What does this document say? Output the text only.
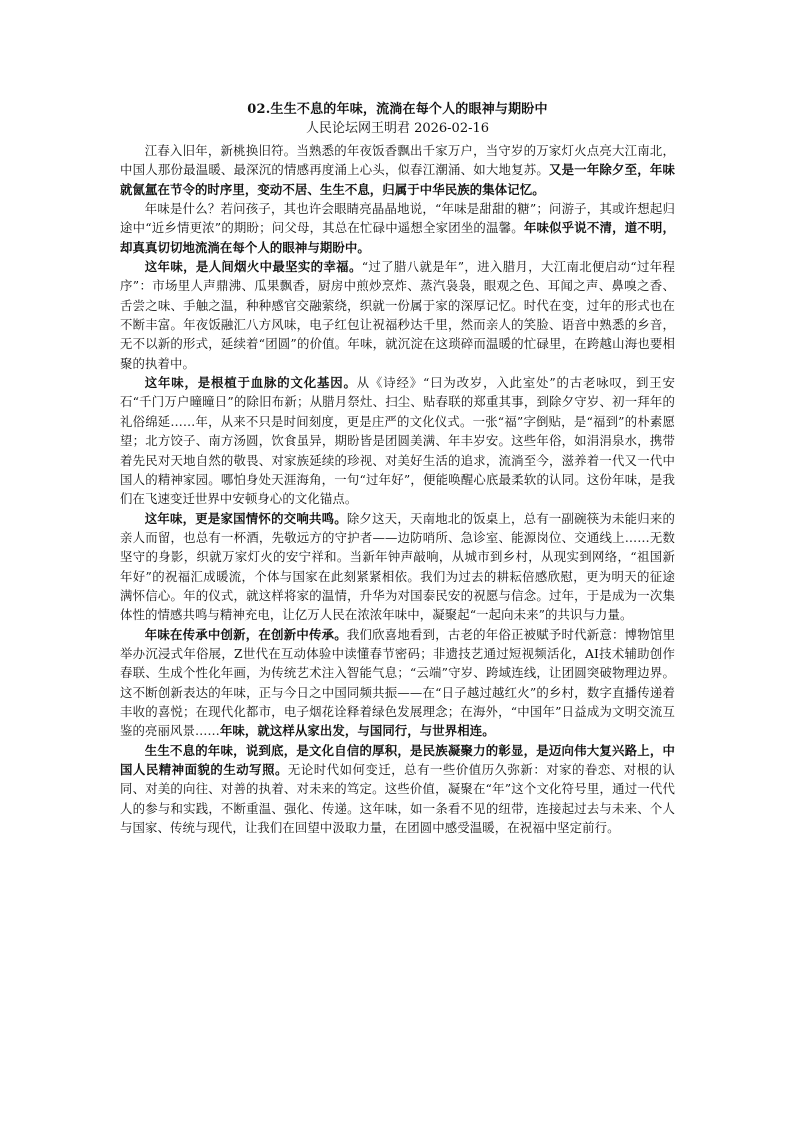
02.生生不息的年味，流淌在每个人的眼神与期盼中
人民论坛网王明君 2026-02-16

江春入旧年，新桃换旧符。当熟悉的年夜饭香飘出千家万户，当守岁的万家灯火点亮大江南北，中国人那份最温暖、最深沉的情感再度涌上心头，似春江潮涌、如大地复苏。又是一年除夕至，年味就氤氲在节令的时序里，变动不居、生生不息，归属于中华民族的集体记忆。

年味是什么？若问孩子，其也许会眼睛亮晶晶地说，“年味是甜甜的糖”；问游子，其或许想起归途中“近乡情更浓”的期盼；问父母，其总在忙碌中遥想全家团坐的温馨。年味似乎说不清，道不明，却真真切切地流淌在每个人的眼神与期盼中。

这年味，是人间烟火中最坚实的幸福。“过了腊八就是年”，进入腊月，大江南北便启动“过年程序”：市场里人声鼎沸、瓜果飘香，厨房中煎炒烹炸、蒸汽袅袅，眼观之色、耳闻之声、鼻嗅之香、舌尝之味、手触之温，种种感官交融萦绕，织就一份属于家的深厚记忆。时代在变，过年的形式也在不断丰富。年夜饭融汇八方风味，电子红包让祝福秒达千里，然而亲人的笑脸、语音中熟悉的乡音，无不以新的形式，延续着“团圆”的价值。年味，就沉淀在这琐碎而温暖的忙碌里，在跨越山海也要相聚的执着中。

这年味，是根植于血脉的文化基因。从《诗经》“曰为改岁，入此室处”的古老咏叹，到王安石“千门万户曈曈日”的除旧布新；从腊月祭灶、扫尘、贴春联的郑重其事，到除夕守岁、初一拜年的礼俗绵延……年，从来不只是时间刻度，更是庄严的文化仪式。一张“福”字倒贴，是“福到”的朴素愿望；北方饺子、南方汤圆，饮食虽异，期盼皆是团圆美满、年丰岁安。这些年俗，如涓涓泉水，携带着先民对天地自然的敬畏、对家族延续的珍视、对美好生活的追求，流淌至今，滋养着一代又一代中国人的精神家园。哪怕身处天涯海角，一句“过年好”，便能唤醒心底最柔软的认同。这份年味，是我们在飞速变迁世界中安顿身心的文化锚点。

这年味，更是家国情怀的交响共鸣。除夕这天，天南地北的饭桌上，总有一副碗筷为未能归来的亲人而留，也总有一杯酒，先敬远方的守护者——边防哨所、急诊室、能源岗位、交通线上……无数坚守的身影，织就万家灯火的安宁祥和。当新年钟声敲响，从城市到乡村，从现实到网络，“祖国新年好”的祝福汇成暖流，个体与国家在此刻紧紧相依。我们为过去的耕耘倍感欣慰，更为明天的征途满怀信心。年的仪式，就这样将家的温情，升华为对国泰民安的祝愿与信念。过年，于是成为一次集体性的情感共鸣与精神充电，让亿万人民在浓浓年味中，凝聚起“一起向未来”的共识与力量。

年味在传承中创新，在创新中传承。我们欣喜地看到，古老的年俗正被赋予时代新意：博物馆里举办沉浸式年俗展，Z世代在互动体验中读懂春节密码；非遗技艺通过短视频活化，AI技术辅助创作春联、生成个性化年画，为传统艺术注入智能气息；“云端”守岁、跨域连线，让团圆突破物理边界。这不断创新表达的年味，正与今日之中国同频共振——在“日子越过越红火”的乡村，数字直播传递着丰收的喜悦；在现代化都市，电子烟花诠释着绿色发展理念；在海外，“中国年”日益成为文明交流互鉴的亮丽风景……年味，就这样从家出发，与国同行，与世界相连。

生生不息的年味，说到底，是文化自信的厚积，是民族凝聚力的彰显，是迈向伟大复兴路上，中国人民精神面貌的生动写照。无论时代如何变迁，总有一些价值历久弥新：对家的眷恋、对根的认同、对美的向往、对善的执着、对未来的笃定。这些价值，凝聚在“年”这个文化符号里，通过一代代人的参与和实践，不断重温、强化、传递。这年味，如一条看不见的纽带，连接起过去与未来、个人与国家、传统与现代，让我们在回望中汲取力量，在团圆中感受温暖，在祝福中坚定前行。
